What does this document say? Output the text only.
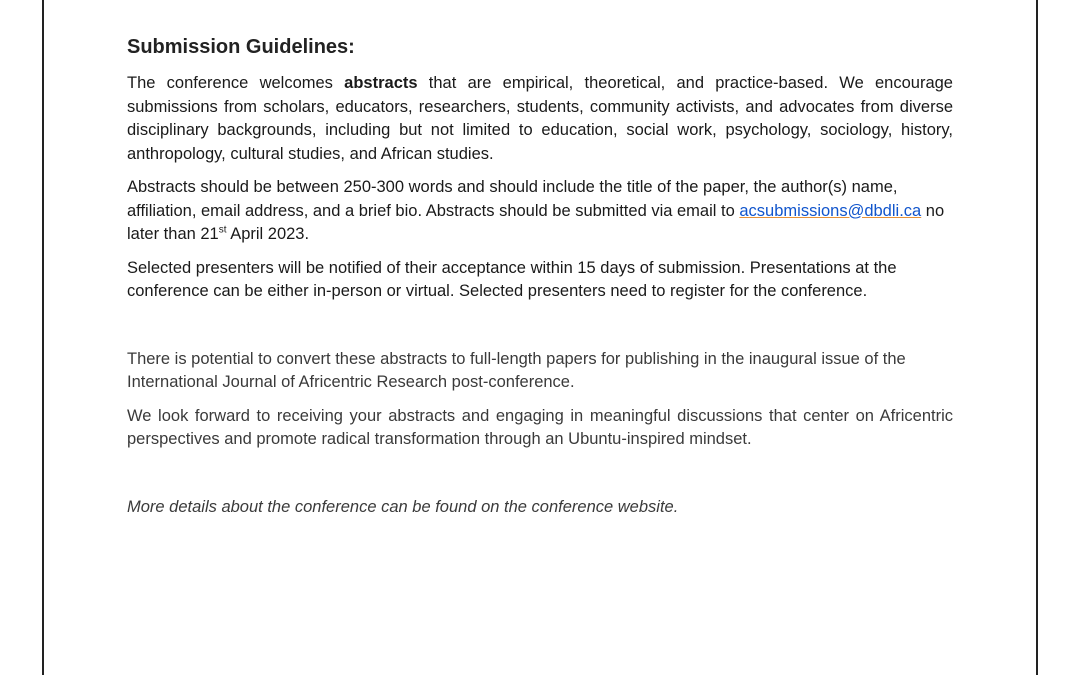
Submission Guidelines:

The conference welcomes abstracts that are empirical, theoretical, and practice-based. We encourage submissions from scholars, educators, researchers, students, community activists, and advocates from diverse disciplinary backgrounds, including but not limited to education, social work, psychology, sociology, history, anthropology, cultural studies, and African studies.

Abstracts should be between 250-300 words and should include the title of the paper, the author(s) name, affiliation, email address, and a brief bio. Abstracts should be submitted via email to acsubmissions@dbdli.ca no later than 21st April 2023.

Selected presenters will be notified of their acceptance within 15 days of submission. Presentations at the conference can be either in-person or virtual. Selected presenters need to register for the conference.

There is potential to convert these abstracts to full-length papers for publishing in the inaugural issue of the International Journal of Africentric Research post-conference.

We look forward to receiving your abstracts and engaging in meaningful discussions that center on Africentric perspectives and promote radical transformation through an Ubuntu-inspired mindset.

More details about the conference can be found on the conference website.
